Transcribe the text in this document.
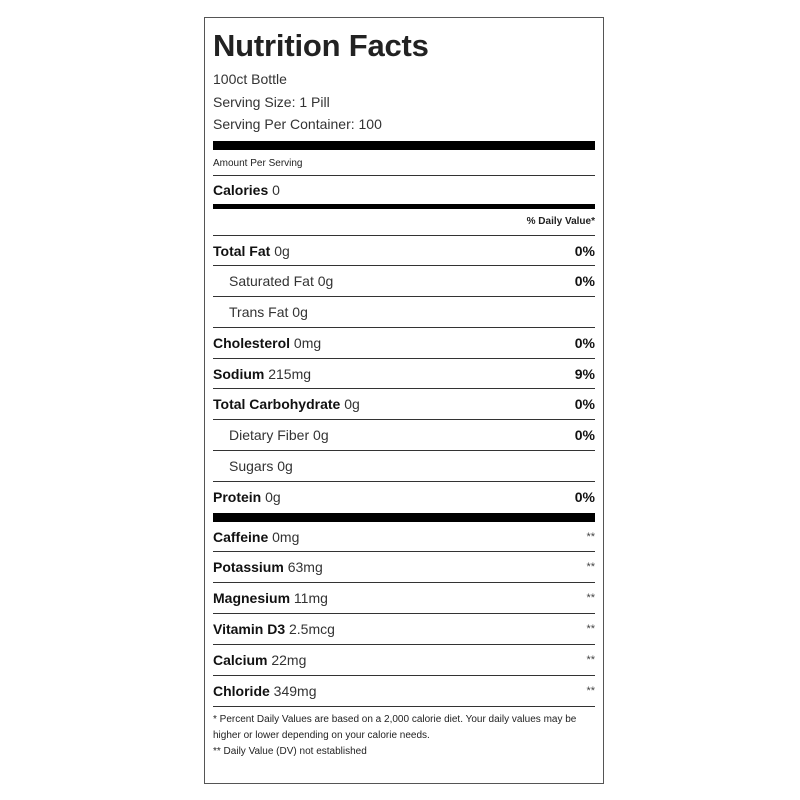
Nutrition Facts
100ct Bottle
Serving Size: 1 Pill
Serving Per Container: 100
Amount Per Serving
Calories 0
% Daily Value*
Total Fat 0g	0%
Saturated Fat 0g	0%
Trans Fat 0g
Cholesterol 0mg	0%
Sodium 215mg	9%
Total Carbohydrate 0g	0%
Dietary Fiber 0g	0%
Sugars 0g
Protein 0g	0%
Caffeine 0mg	**
Potassium 63mg	**
Magnesium 11mg	**
Vitamin D3 2.5mcg	**
Calcium 22mg	**
Chloride 349mg	**
* Percent Daily Values are based on a 2,000 calorie diet. Your daily values may be higher or lower depending on your calorie needs.
** Daily Value (DV) not established
